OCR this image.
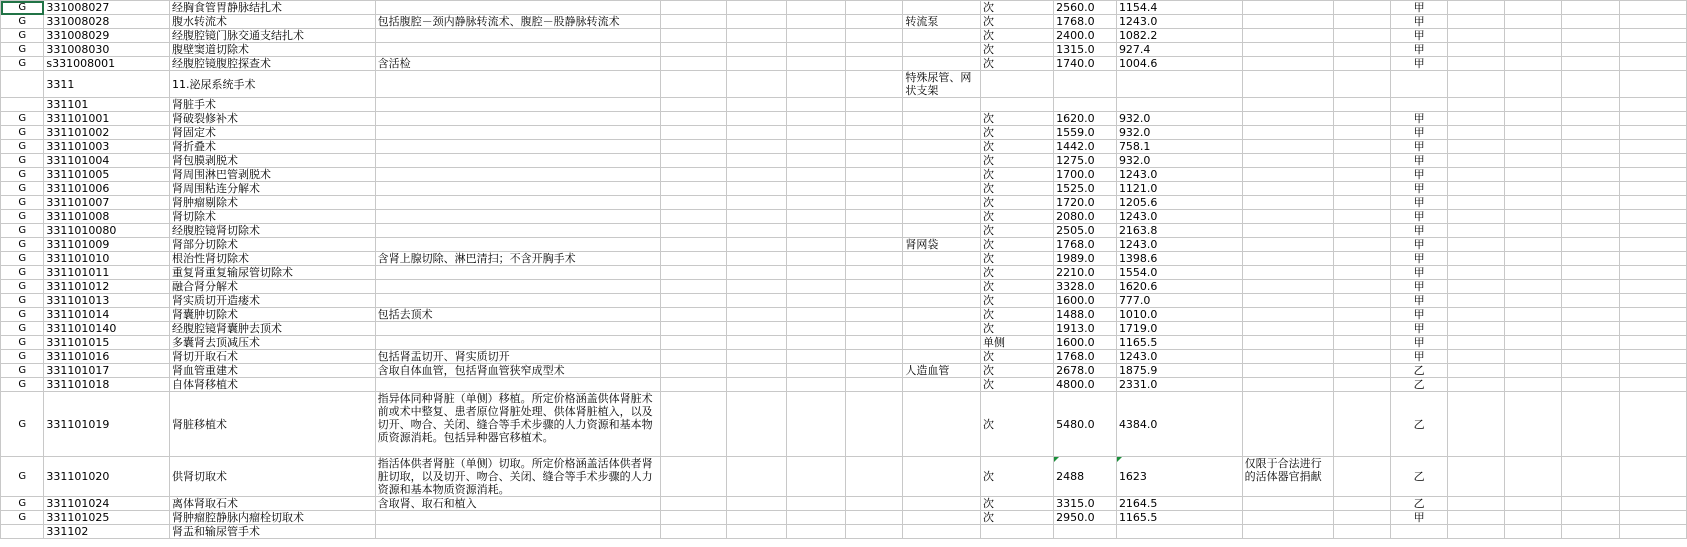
G	331008027	经胸食管胃静脉结扎术							次	2560.0	1154.4			甲				
G	331008028	腹水转流术	包括腹腔－颈内静脉转流术、腹腔－股静脉转流术					转流泵	次	1768.0	1243.0			甲				
G	331008029	经腹腔镜门脉交通支结扎术							次	2400.0	1082.2			甲				
G	331008030	腹壁窦道切除术							次	1315.0	927.4			甲				
G	s331008001	经腹腔镜腹腔探查术	含活检						次	1740.0	1004.6			甲				
	3311	11.泌尿系统手术						特殊尿管、网状支架										
	331101	肾脏手术																
G	331101001	肾破裂修补术							次	1620.0	932.0			甲				
G	331101002	肾固定术							次	1559.0	932.0			甲				
G	331101003	肾折叠术							次	1442.0	758.1			甲				
G	331101004	肾包膜剥脱术							次	1275.0	932.0			甲				
G	331101005	肾周围淋巴管剥脱术							次	1700.0	1243.0			甲				
G	331101006	肾周围粘连分解术							次	1525.0	1121.0			甲				
G	331101007	肾肿瘤剔除术							次	1720.0	1205.6			甲				
G	331101008	肾切除术							次	2080.0	1243.0			甲				
G	3311010080	经腹腔镜肾切除术							次	2505.0	2163.8			甲				
G	331101009	肾部分切除术						肾网袋	次	1768.0	1243.0			甲				
G	331101010	根治性肾切除术	含肾上腺切除、淋巴清扫；不含开胸手术						次	1989.0	1398.6			甲				
G	331101011	重复肾重复输尿管切除术							次	2210.0	1554.0			甲				
G	331101012	融合肾分解术							次	3328.0	1620.6			甲				
G	331101013	肾实质切开造瘘术							次	1600.0	777.0			甲				
G	331101014	肾囊肿切除术	包括去顶术						次	1488.0	1010.0			甲				
G	3311010140	经腹腔镜肾囊肿去顶术							次	1913.0	1719.0			甲				
G	331101015	多囊肾去顶减压术							单侧	1600.0	1165.5			甲				
G	331101016	肾切开取石术	包括肾盂切开、肾实质切开						次	1768.0	1243.0			甲				
G	331101017	肾血管重建术	含取自体血管，包括肾血管狭窄成型术					人造血管	次	2678.0	1875.9			乙				
G	331101018	自体肾移植术							次	4800.0	2331.0			乙				
G	331101019	肾脏移植术	指异体同种肾脏（单侧）移植。所定价格涵盖供体肾脏术前或术中整复、患者原位肾脏处理、供体肾脏植入，以及切开、吻合、关闭、缝合等手术步骤的人力资源和基本物质资源消耗。包括异种器官移植术。						次	5480.0	4384.0			乙				
G	331101020	供肾切取术	指活体供者肾脏（单侧）切取。所定价格涵盖活体供者肾脏切取，以及切开、吻合、关闭、缝合等手术步骤的人力资源和基本物质资源消耗。						次	2488	1623	仅限于合法进行的活体器官捐献		乙				
G	331101024	离体肾取石术	含取肾、取石和植入						次	3315.0	2164.5			乙				
G	331101025	肾肿瘤腔静脉内瘤栓切取术							次	2950.0	1165.5			甲				
	331102	肾盂和输尿管手术																
